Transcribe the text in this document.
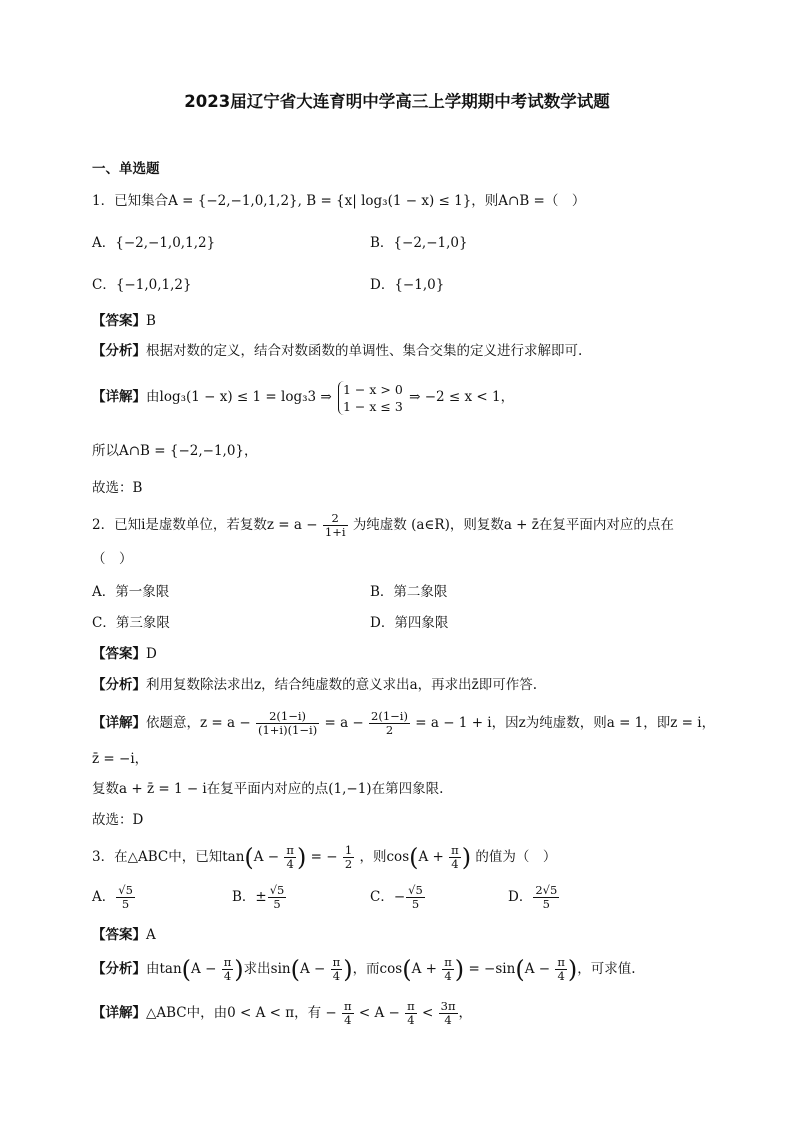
2023届辽宁省大连育明中学高三上学期期中考试数学试题
一、单选题
1．已知集合A = {−2,−1,0,1,2}, B = {x| log₃(1 − x) ≤ 1}，则A∩B =（　）
A．{−2,−1,0,1,2}	B．{−2,−1,0}
C．{−1,0,1,2}	D．{−1,0}
【答案】B
【分析】根据对数的定义，结合对数函数的单调性、集合交集的定义进行求解即可.
【详解】由log₃(1 − x) ≤ 1 = log₃3 ⇒ 1 − x > 0
1 − x ≤ 3
⇒ −2 ≤ x < 1，
所以A∩B = {−2,−1,0}，
故选：B
2．已知i是虚数单位，若复数$z = a - \frac{2}{1+i}$ 为纯虚数 (a∈R)，则复数a + z̄在复平面内对应的点在
（　）
A．第一象限	B．第二象限
C．第三象限	D．第四象限
【答案】D
【分析】利用复数除法求出z，结合纯虚数的意义求出a，再求出z̄即可作答.
【详解】依题意，$z = a - \frac{2(1-i)}{(1+i)(1-i)} = a - \frac{2(1-i)}{2} = a - 1 + i$，因z为纯虚数，则a = 1，即z = i，
z̄ = −i，
复数a + z̄ = 1 − i在复平面内对应的点(1,−1)在第四象限.
故选：D
3．在△ABC中，已知$\tan(A - \frac{\pi}{4}$ ) = − $\frac{1}{2}$ ，则$\cos(A + \frac{\pi}{4}$ ) 的值为（　）
A． $\frac{√5}{5}$	B．± $\frac{√5}{5}$	C．− $\frac{√5}{5}$	D． $\frac{2√5}{5}$
【答案】A
【分析】由$\tan(A - \frac{\pi}{4}$ )求出$\sin(A - \frac{\pi}{4}$ )，而$\cos(A + \frac{\pi}{4}$ ) = $-\sin(A - \frac{\pi}{4}$ )，可求值.
【详解】△ABC中，由0 < A < π，有 − $\frac{\pi}{4} < A - \frac{\pi}{4} < \frac{3\pi}{4}$ ，
